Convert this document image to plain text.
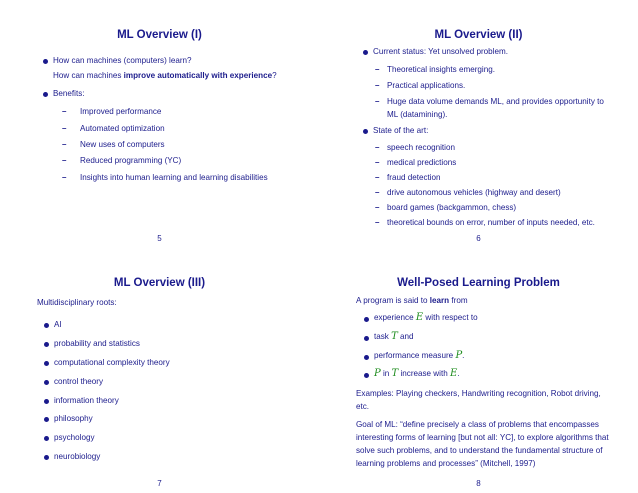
ML Overview (I)
How can machines (computers) learn?
How can machines improve automatically with experience?
Benefits:
– Improved performance
– Automated optimization
– New uses of computers
– Reduced programming (YC)
– Insights into human learning and learning disabilities
5
ML Overview (II)
Current status: Yet unsolved problem.
– Theoretical insights emerging.
– Practical applications.
– Huge data volume demands ML, and provides opportunity to
ML (datamining).
State of the art:
– speech recognition
– medical predictions
– fraud detection
– drive autonomous vehicles (highway and desert)
– board games (backgammon, chess)
– theoretical bounds on error, number of inputs needed, etc.
6
ML Overview (III)
Multidisciplinary roots:
AI
probability and statistics
computational complexity theory
control theory
information theory
philosophy
psychology
neurobiology
7
Well-Posed Learning Problem
A program is said to learn from
experience E with respect to
task T and
performance measure P.
P in T increase with E.
Examples: Playing checkers, Handwriting recognition, Robot driving,
etc.
Goal of ML: “define precisely a class of problems that encompasses
interesting forms of learning [but not all: YC], to explore algorithms that
solve such problems, and to understand the fundamental structure of
learning problems and processes” (Mitchell, 1997)
8
